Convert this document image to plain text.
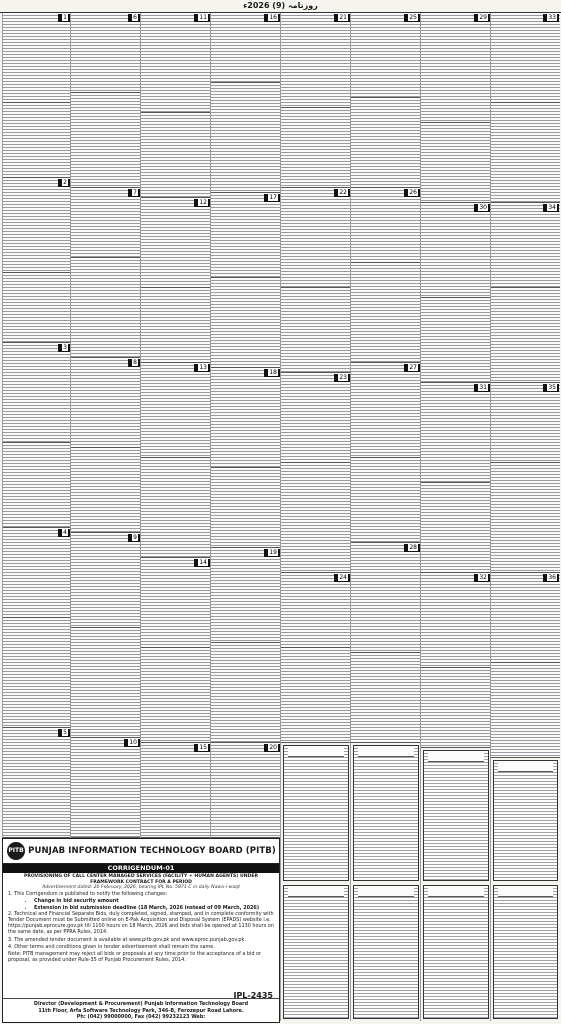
روزنامہ (9) 2026ء
1
2
3
4
5
6
7
8
9
10
11
12
13
14
15
16
17
18
19
20
21
22
23
24
25
26
27
28
29
30
31
32
33
34
35
36
PITB PUNJAB INFORMATION TECHNOLOGY BOARD (PITB)
CORRIGENDUM-01
PROVISIONING OF CALL CENTER MANAGED SERVICES (FACILITY + HUMAN AGENTS) UNDER FRAMEWORK CONTRACT FOR A PERIOD
Advertisement dated: 20 February, 2026, bearing IPL No. 5871-C in daily Nawa-i-waqt

1. This Corrigendum is published to notify the following changes:

• Change in bid security amount
• Extension in bid submission deadline (18 March, 2026 instead of 09 March, 2026)

2. Technical and Financial Separate Bids, duly completed, signed, stamped, and in complete conformity with Tender Document must be Submitted online on E-Pak Acquisition and Disposal System (EPADS) website i.e. https://punjab.eprocure.gov.pk till 1100 hours on 18 March, 2026 and bids shall be opened at 1130 hours on the same date, as per PPRA Rules, 2014.

3. The amended tender document is available at www.pitb.gov.pk and www.eproc.punjab.gov.pk.

4. Other terms and conditions given in tender advertisement shall remain the same.

Note: PITB management may reject all bids or proposals at any time prior to the acceptance of a bid or proposal, as provided under Rule-35 of Punjab Procurement Rules, 2014.

IPL-2435
Director (Development & Procurement) Punjab Information Technology Board
11th Floor, Arfa Software Technology Park, 346-B, Ferozepur Road Lahore.
Ph: (042) 99000000, Fax (042) 99232123 Web:
